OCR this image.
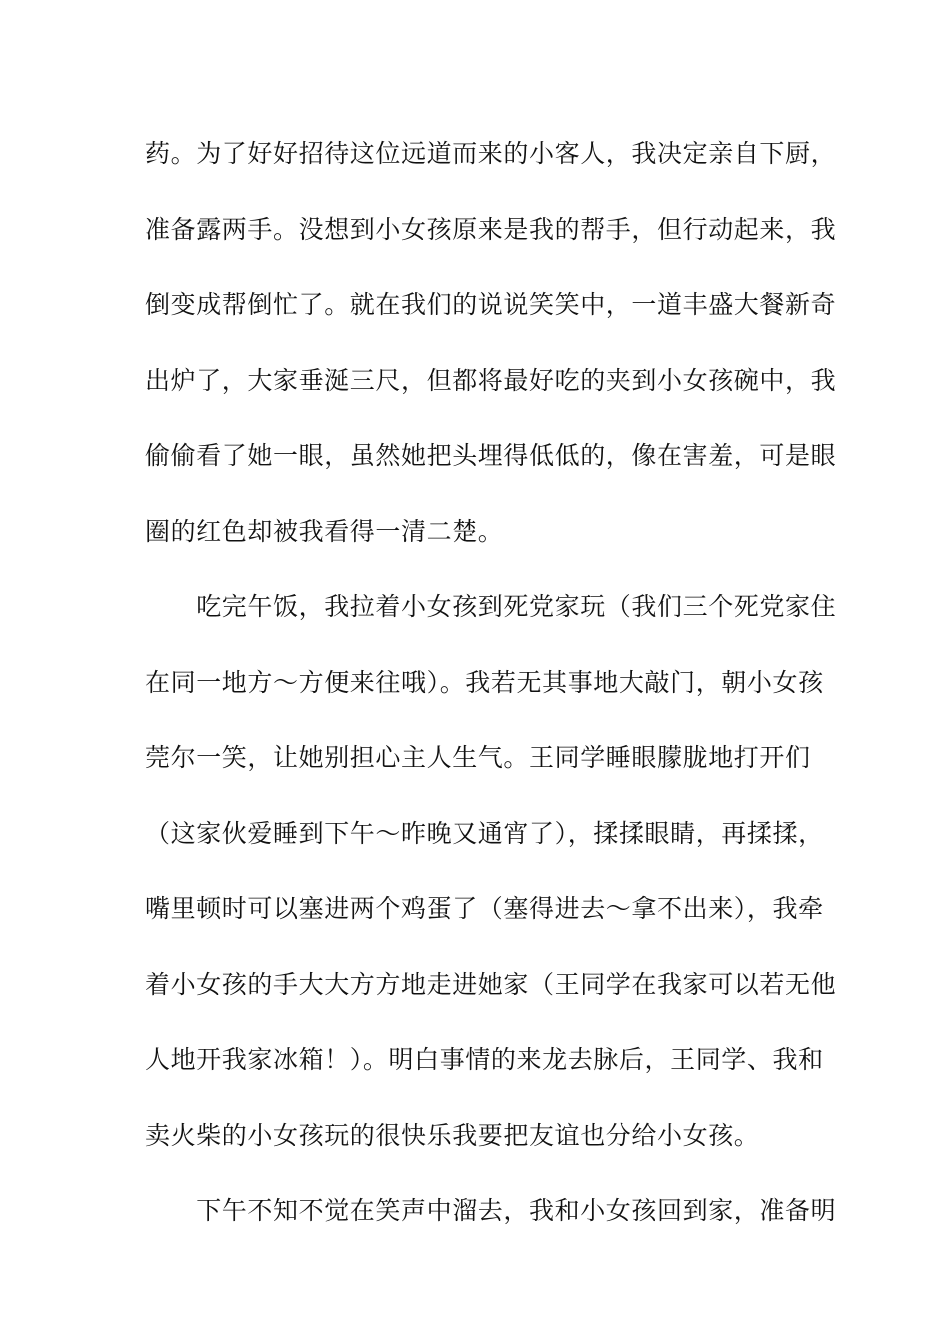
药。为了好好招待这位远道而来的小客人，我决定亲自下厨，
准备露两手。没想到小女孩原来是我的帮手，但行动起来，我
倒变成帮倒忙了。就在我们的说说笑笑中，一道丰盛大餐新奇
出炉了，大家垂涎三尺，但都将最好吃的夹到小女孩碗中，我
偷偷看了她一眼，虽然她把头埋得低低的，像在害羞，可是眼
圈的红色却被我看得一清二楚。
　　吃完午饭，我拉着小女孩到死党家玩（我们三个死党家住
在同一地方～方便来往哦）。我若无其事地大敲门，朝小女孩
莞尔一笑，让她别担心主人生气。王同学睡眼朦胧地打开们
（这家伙爱睡到下午～昨晚又通宵了），揉揉眼睛，再揉揉，
嘴里顿时可以塞进两个鸡蛋了（塞得进去～拿不出来），我牵
着小女孩的手大大方方地走进她家（王同学在我家可以若无他
人地开我家冰箱！）。明白事情的来龙去脉后，王同学、我和
卖火柴的小女孩玩的很快乐我要把友谊也分给小女孩。
　　下午不知不觉在笑声中溜去，我和小女孩回到家，准备明
